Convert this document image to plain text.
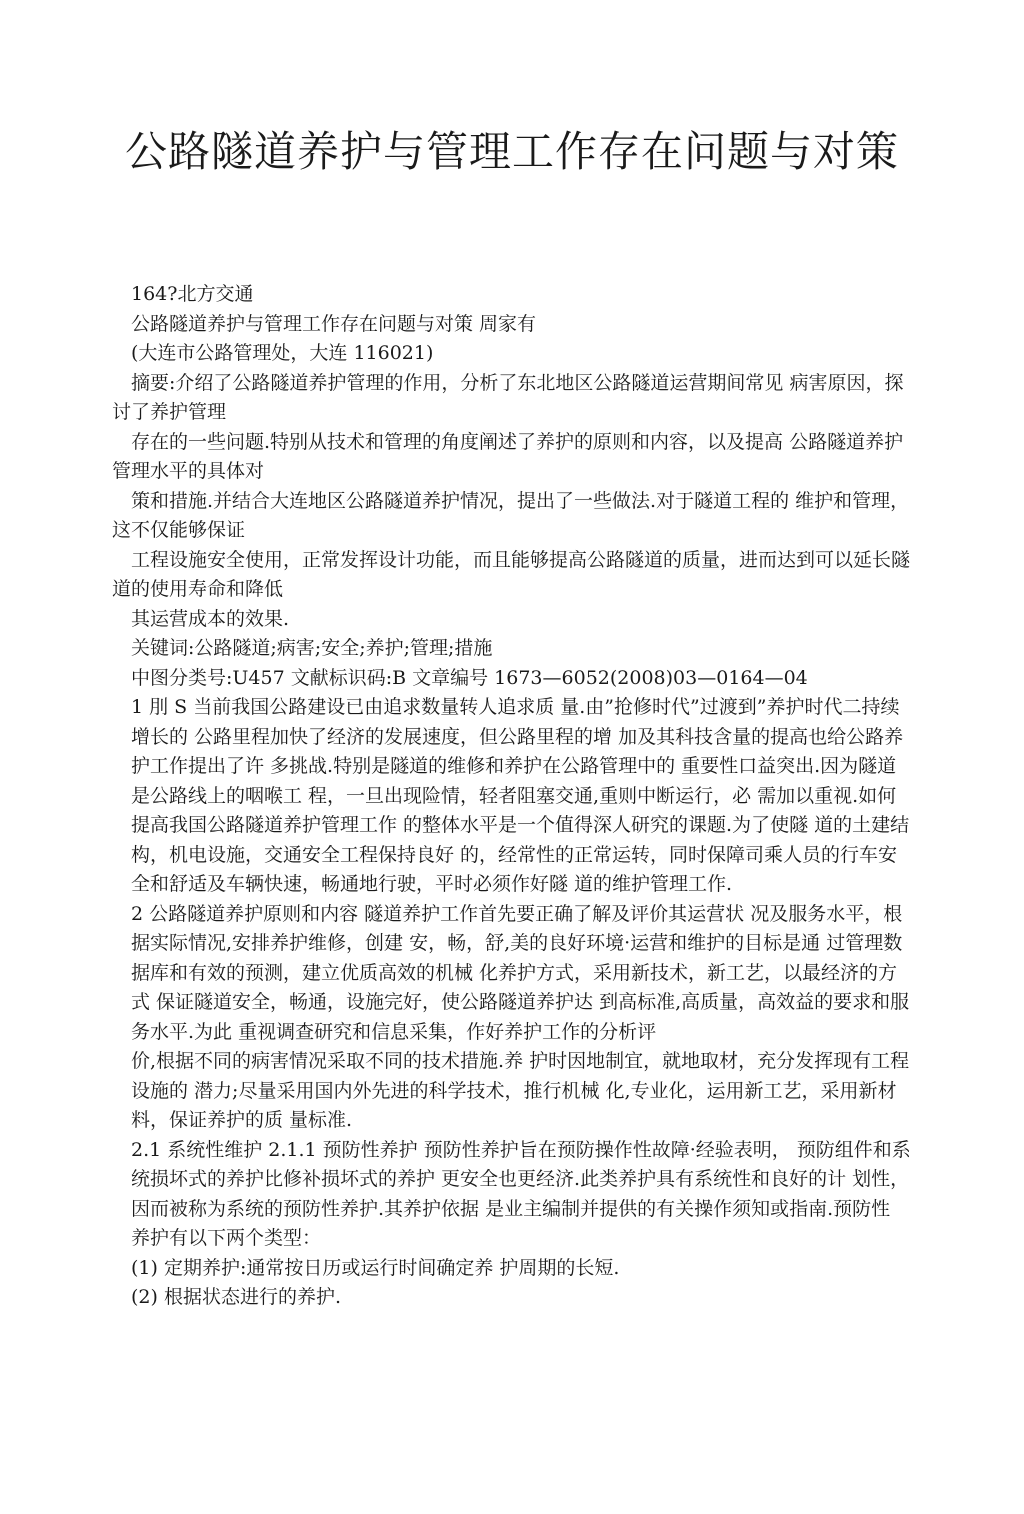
公路隧道养护与管理工作存在问题与对策

164?北方交通

公路隧道养护与管理工作存在问题与对策 周家有

(大连市公路管理处，大连 116021)

摘要:介绍了公路隧道养护管理的作用，分析了东北地区公路隧道运营期间常见 病害原因，探讨了养护管理

存在的一些问题.特别从技术和管理的角度阐述了养护的原则和内容，以及提高 公路隧道养护管理水平的具体对

策和措施.并结合大连地区公路隧道养护情况，提出了一些做法.对于隧道工程的 维护和管理，这不仅能够保证

工程设施安全使用，正常发挥设计功能，而且能够提高公路隧道的质量，进而达到可以延长隧道的使用寿命和降低

其运营成本的效果.

关键词:公路隧道;病害;安全;养护;管理;措施

中图分类号:U457 文献标识码:B 文章编号 1673—6052(2008)03—0164—04

1 刖 S 当前我国公路建设已由追求数量转人追求质 量.由”抢修时代”过渡到”养护时代二持续增长的 公路里程加快了经济的发展速度，但公路里程的增 加及其科技含量的提高也给公路养护工作提出了许 多挑战.特别是隧道的维修和养护在公路管理中的 重要性口益突出.因为隧道是公路线上的咽喉工 程，一旦出现险情，轻者阻塞交通,重则中断运行，必 需加以重视.如何提高我国公路隧道养护管理工作 的整体水平是一个值得深人研究的课题.为了使隧 道的土建结构，机电设施，交通安全工程保持良好 的，经常性的正常运转，同时保障司乘人员的行车安 全和舒适及车辆快速，畅通地行驶，平时必须作好隧 道的维护管理工作.

2 公路隧道养护原则和内容 隧道养护工作首先要正确了解及评价其运营状 况及服务水平，根据实际情况,安排养护维修，创建 安，畅，舒,美的良好环境·运营和维护的目标是通 过管理数据库和有效的预测，建立优质高效的机械 化养护方式，采用新技术，新工艺，以最经济的方式 保证隧道安全，畅通，设施完好，使公路隧道养护达 到高标准,高质量，高效益的要求和服务水平.为此 重视调查研究和信息采集，作好养护工作的分析评

价,根据不同的病害情况采取不同的技术措施.养 护时因地制宜，就地取材，充分发挥现有工程设施的 潜力;尽量采用国内外先进的科学技术，推行机械 化,专业化，运用新工艺，采用新材料，保证养护的质 量标准.

2.1 系统性维护 2.1.1 预防性养护 预防性养护旨在预防操作性故障·经验表明， 预防组件和系统损坏式的养护比修补损坏式的养护 更安全也更经济.此类养护具有系统性和良好的计 划性，因而被称为系统的预防性养护.其养护依据 是业主编制并提供的有关操作须知或指南.预防性 养护有以下两个类型：

(1) 定期养护:通常按日历或运行时间确定养 护周期的长短.

(2) 根据状态进行的养护.
